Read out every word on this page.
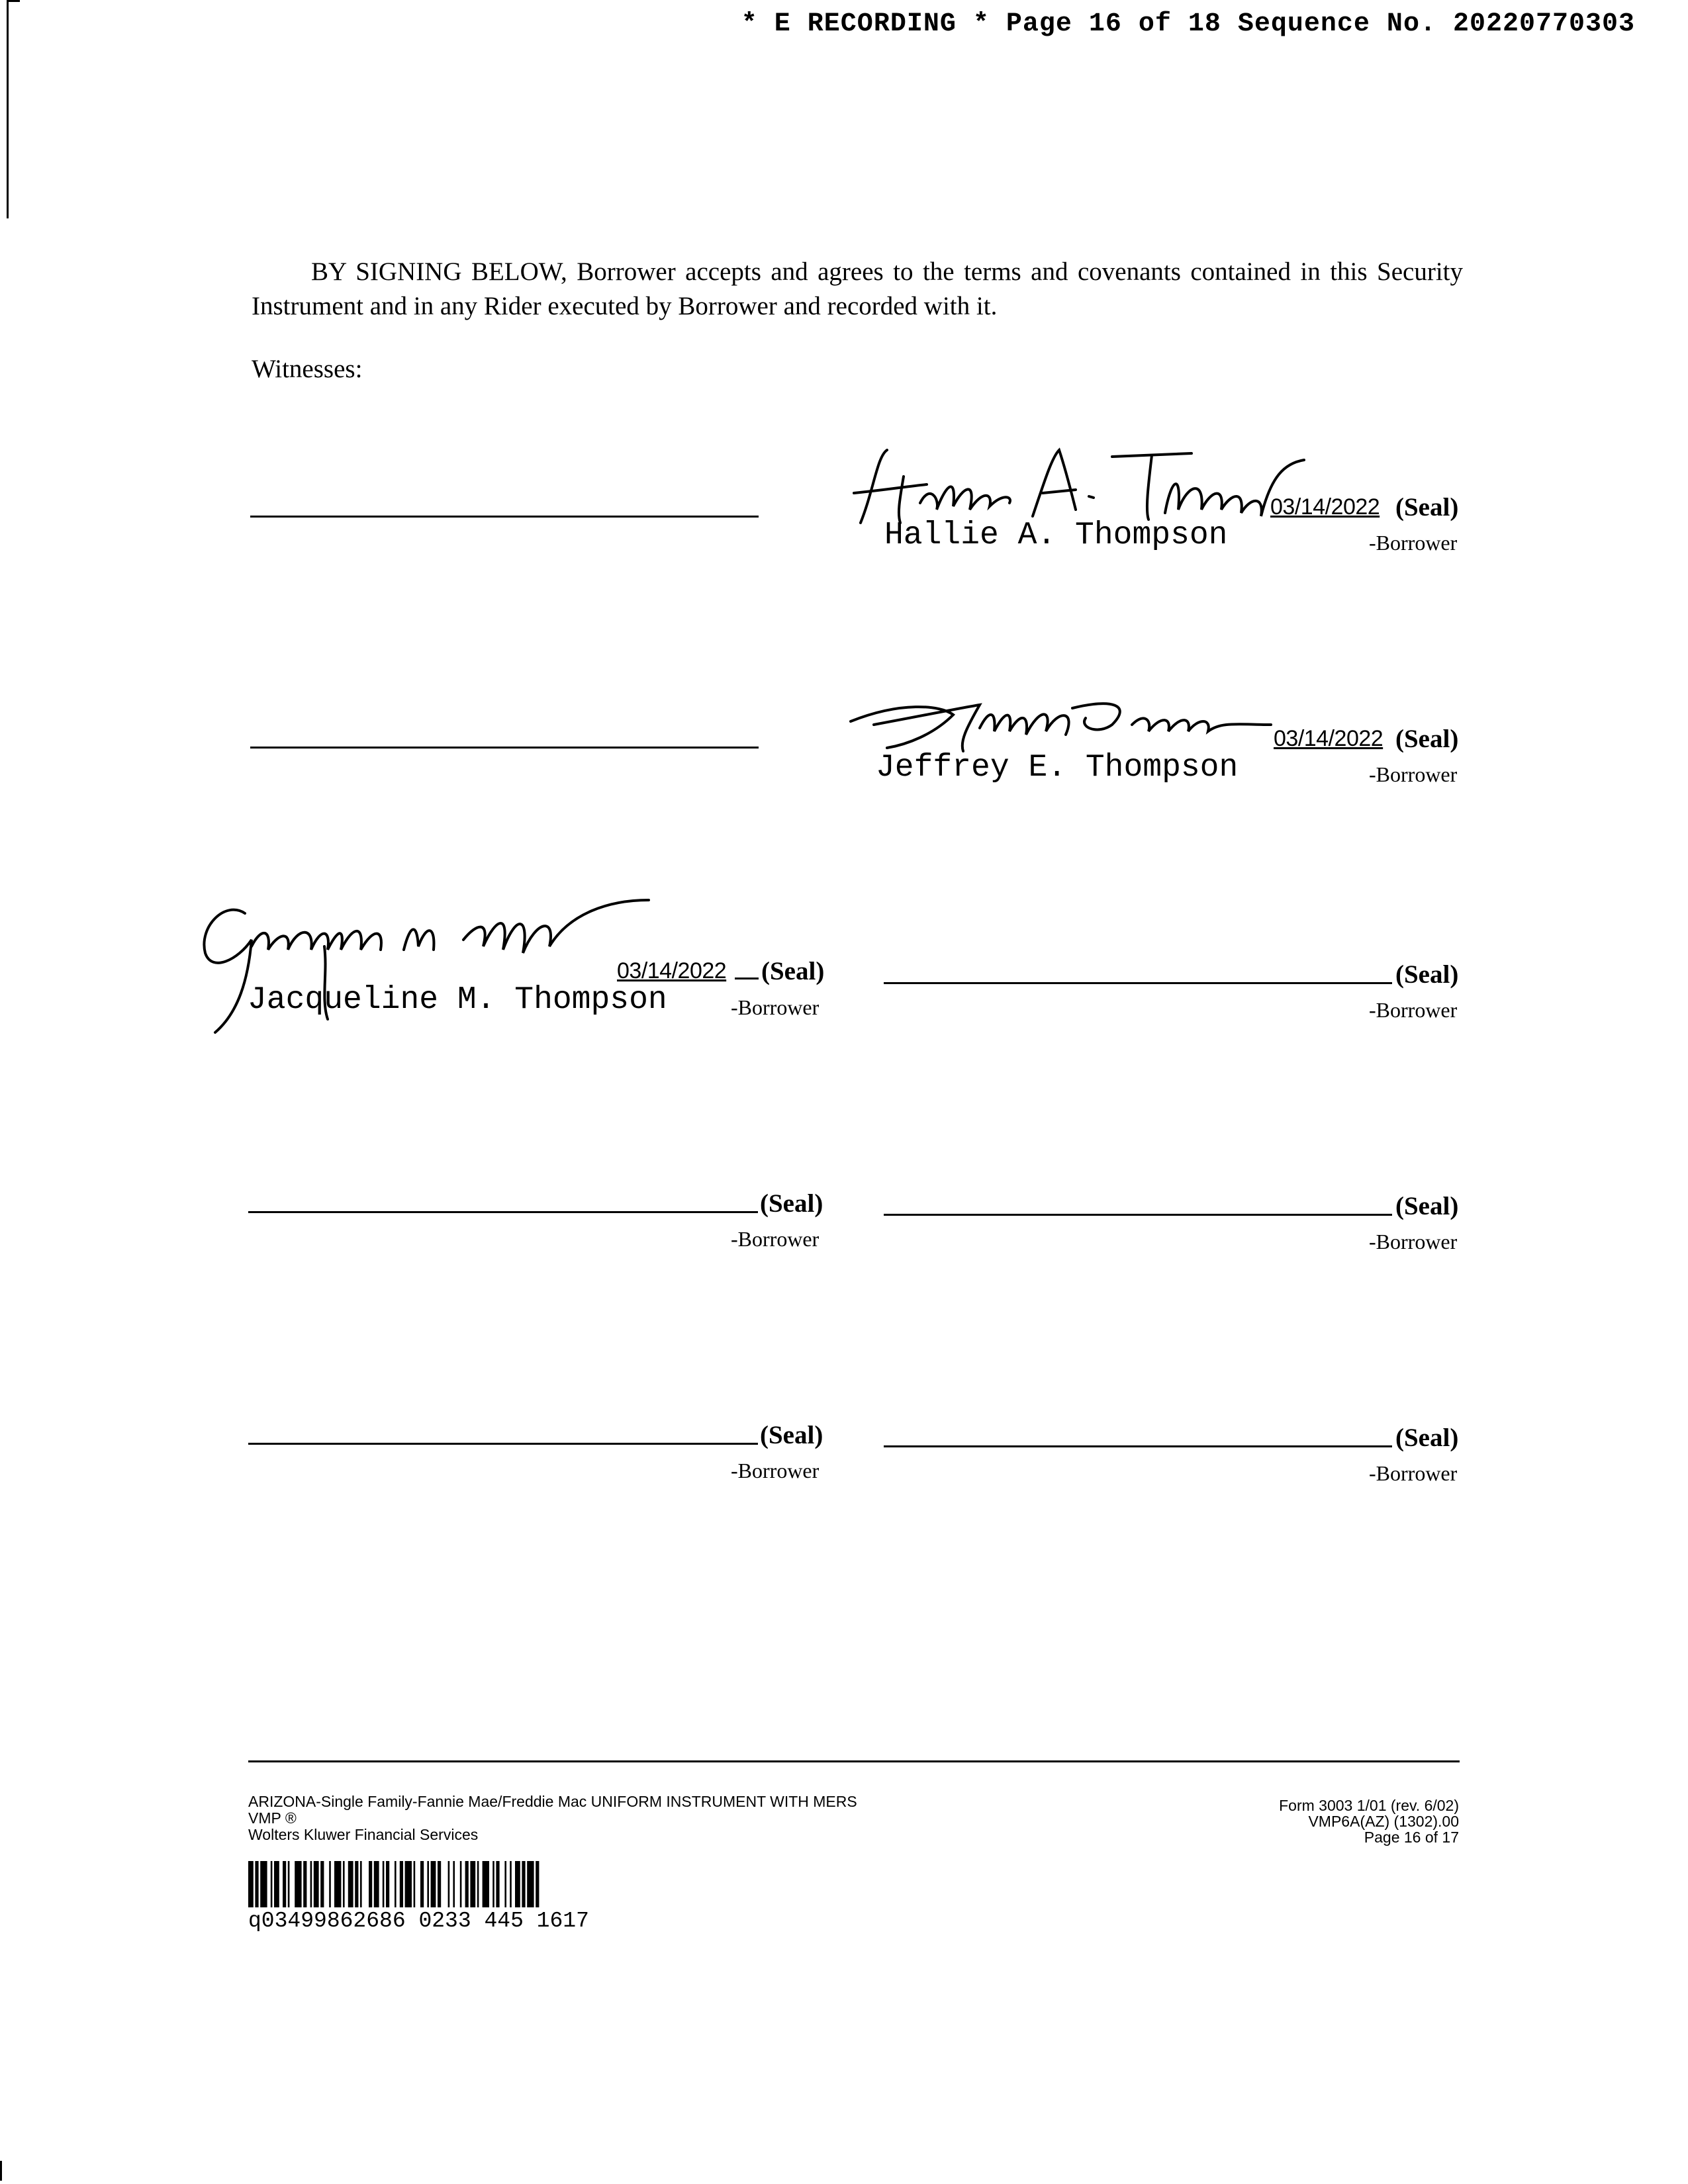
* E RECORDING * Page 16 of 18 Sequence No. 20220770303
BY SIGNING BELOW, Borrower accepts and agrees to the terms and covenants contained in this Security Instrument and in any Rider executed by Borrower and recorded with it.
Witnesses:
03/14/2022 (Seal)
Hallie A. Thompson	-Borrower
03/14/2022 (Seal)
Jeffrey E. Thompson	-Borrower
03/14/2022 (Seal)
Jacqueline M. Thompson	-Borrower
(Seal)
-Borrower
(Seal)
-Borrower
(Seal)
-Borrower
(Seal)
-Borrower
(Seal)
-Borrower
ARIZONA-Single Family-Fannie Mae/Freddie Mac UNIFORM INSTRUMENT WITH MERS
VMP ®
Wolters Kluwer Financial Services
Form 3003 1/01 (rev. 6/02)
VMP6A(AZ) (1302).00
Page 16 of 17
q03499862686 0233 445 1617
